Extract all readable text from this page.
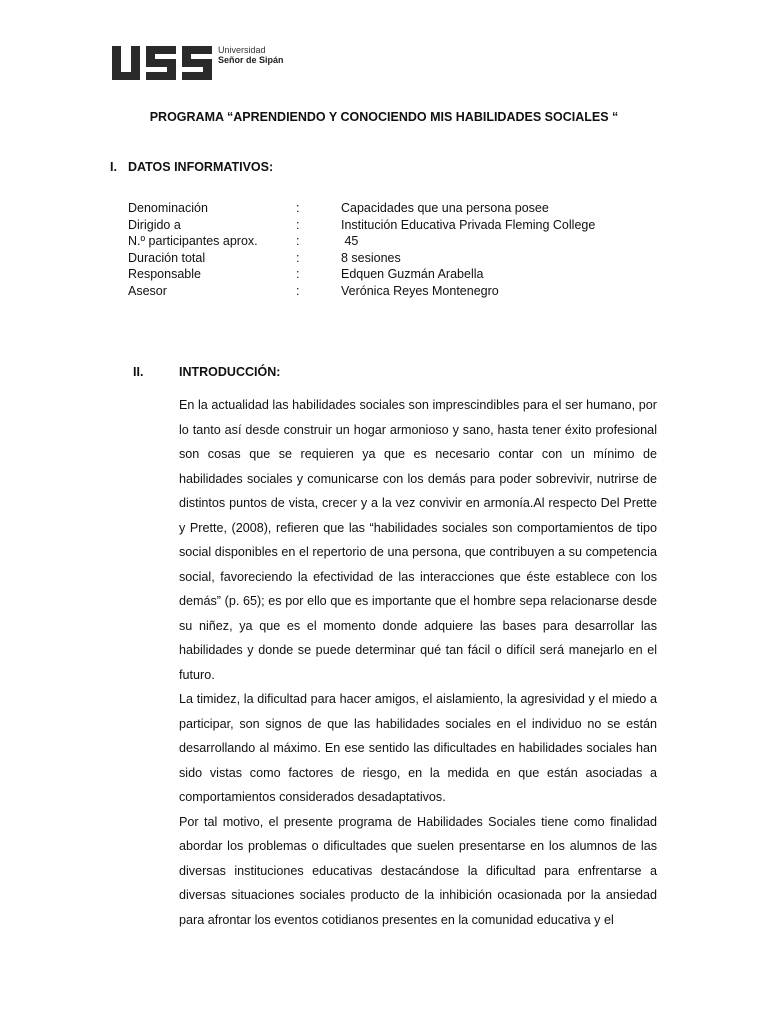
Universidad
Señor de Sipán
PROGRAMA “APRENDIENDO Y CONOCIENDO MIS HABILIDADES SOCIALES “
I. DATOS INFORMATIVOS:
Denominación	:	Capacidades que una persona posee
Dirigido a	:	Institución Educativa Privada Fleming College
N.º participantes aprox.	:	45
Duración total	:	8 sesiones
Responsable	:	Edquen Guzmán Arabella
Asesor	:	Verónica Reyes Montenegro
II.	INTRODUCCIÓN:

En la actualidad las habilidades sociales son imprescindibles para el ser humano, por lo tanto así desde construir un hogar armonioso y sano, hasta tener éxito profesional son cosas que se requieren ya que es necesario contar con un mínimo de habilidades sociales y comunicarse con los demás para poder sobrevivir, nutrirse de distintos puntos de vista, crecer y a la vez convivir en armonía.Al respecto Del Prette y Prette, (2008), refieren que las “habilidades sociales son comportamientos de tipo social disponibles en el repertorio de una persona, que contribuyen a su competencia social, favoreciendo la efectividad de las interacciones que éste establece con los demás” (p. 65); es por ello que es importante que el hombre sepa relacionarse desde su niñez, ya que es el momento donde adquiere las bases para desarrollar las habilidades y donde se puede determinar qué tan fácil o difícil será manejarlo en el futuro.

La timidez, la dificultad para hacer amigos, el aislamiento, la agresividad y el miedo a participar, son signos de que las habilidades sociales en el individuo no se están desarrollando al máximo. En ese sentido las dificultades en habilidades sociales han sido vistas como factores de riesgo, en la medida en que están asociadas a comportamientos considerados desadaptativos.

Por tal motivo, el presente programa de Habilidades Sociales tiene como finalidad abordar los problemas o dificultades que suelen presentarse en los alumnos de las diversas instituciones educativas destacándose la dificultad para enfrentarse a diversas situaciones sociales producto de la inhibición ocasionada por la ansiedad para afrontar los eventos cotidianos presentes en la comunidad educativa y el
